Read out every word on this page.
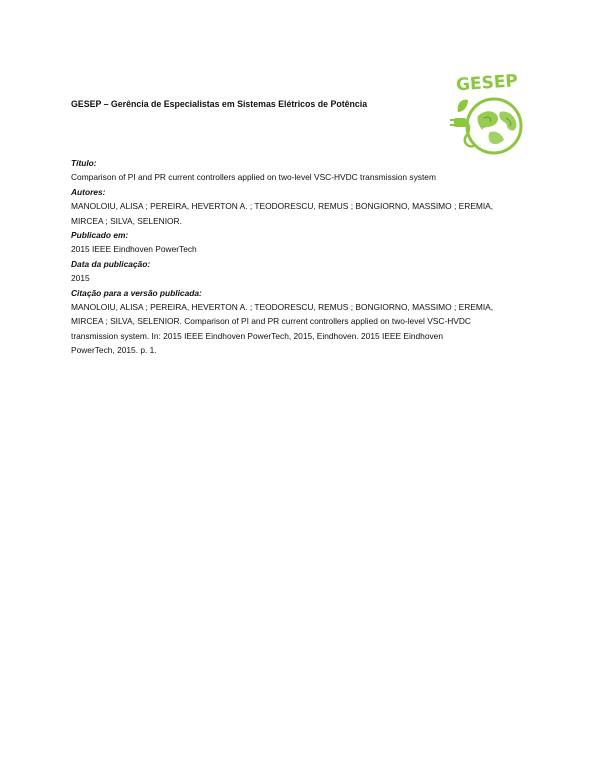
GESEP – Gerência de Especialistas em Sistemas Elétricos de Potência
GESEP
Título:
Comparison of PI and PR current controllers applied on two-level VSC-HVDC transmission system
Autores:
MANOLOIU, ALISA ; PEREIRA, HEVERTON A. ; TEODORESCU, REMUS ; BONGIORNO, MASSIMO ; EREMIA,
MIRCEA ; SILVA, SELENIOR.
Publicado em:
2015 IEEE Eindhoven PowerTech
Data da publicação:
2015
Citação para a versão publicada:
MANOLOIU, ALISA ; PEREIRA, HEVERTON A. ; TEODORESCU, REMUS ; BONGIORNO, MASSIMO ; EREMIA,
MIRCEA ; SILVA, SELENIOR. Comparison of PI and PR current controllers applied on two-level VSC-HVDC
transmission system. In: 2015 IEEE Eindhoven PowerTech, 2015, Eindhoven. 2015 IEEE Eindhoven
PowerTech, 2015. p. 1.
